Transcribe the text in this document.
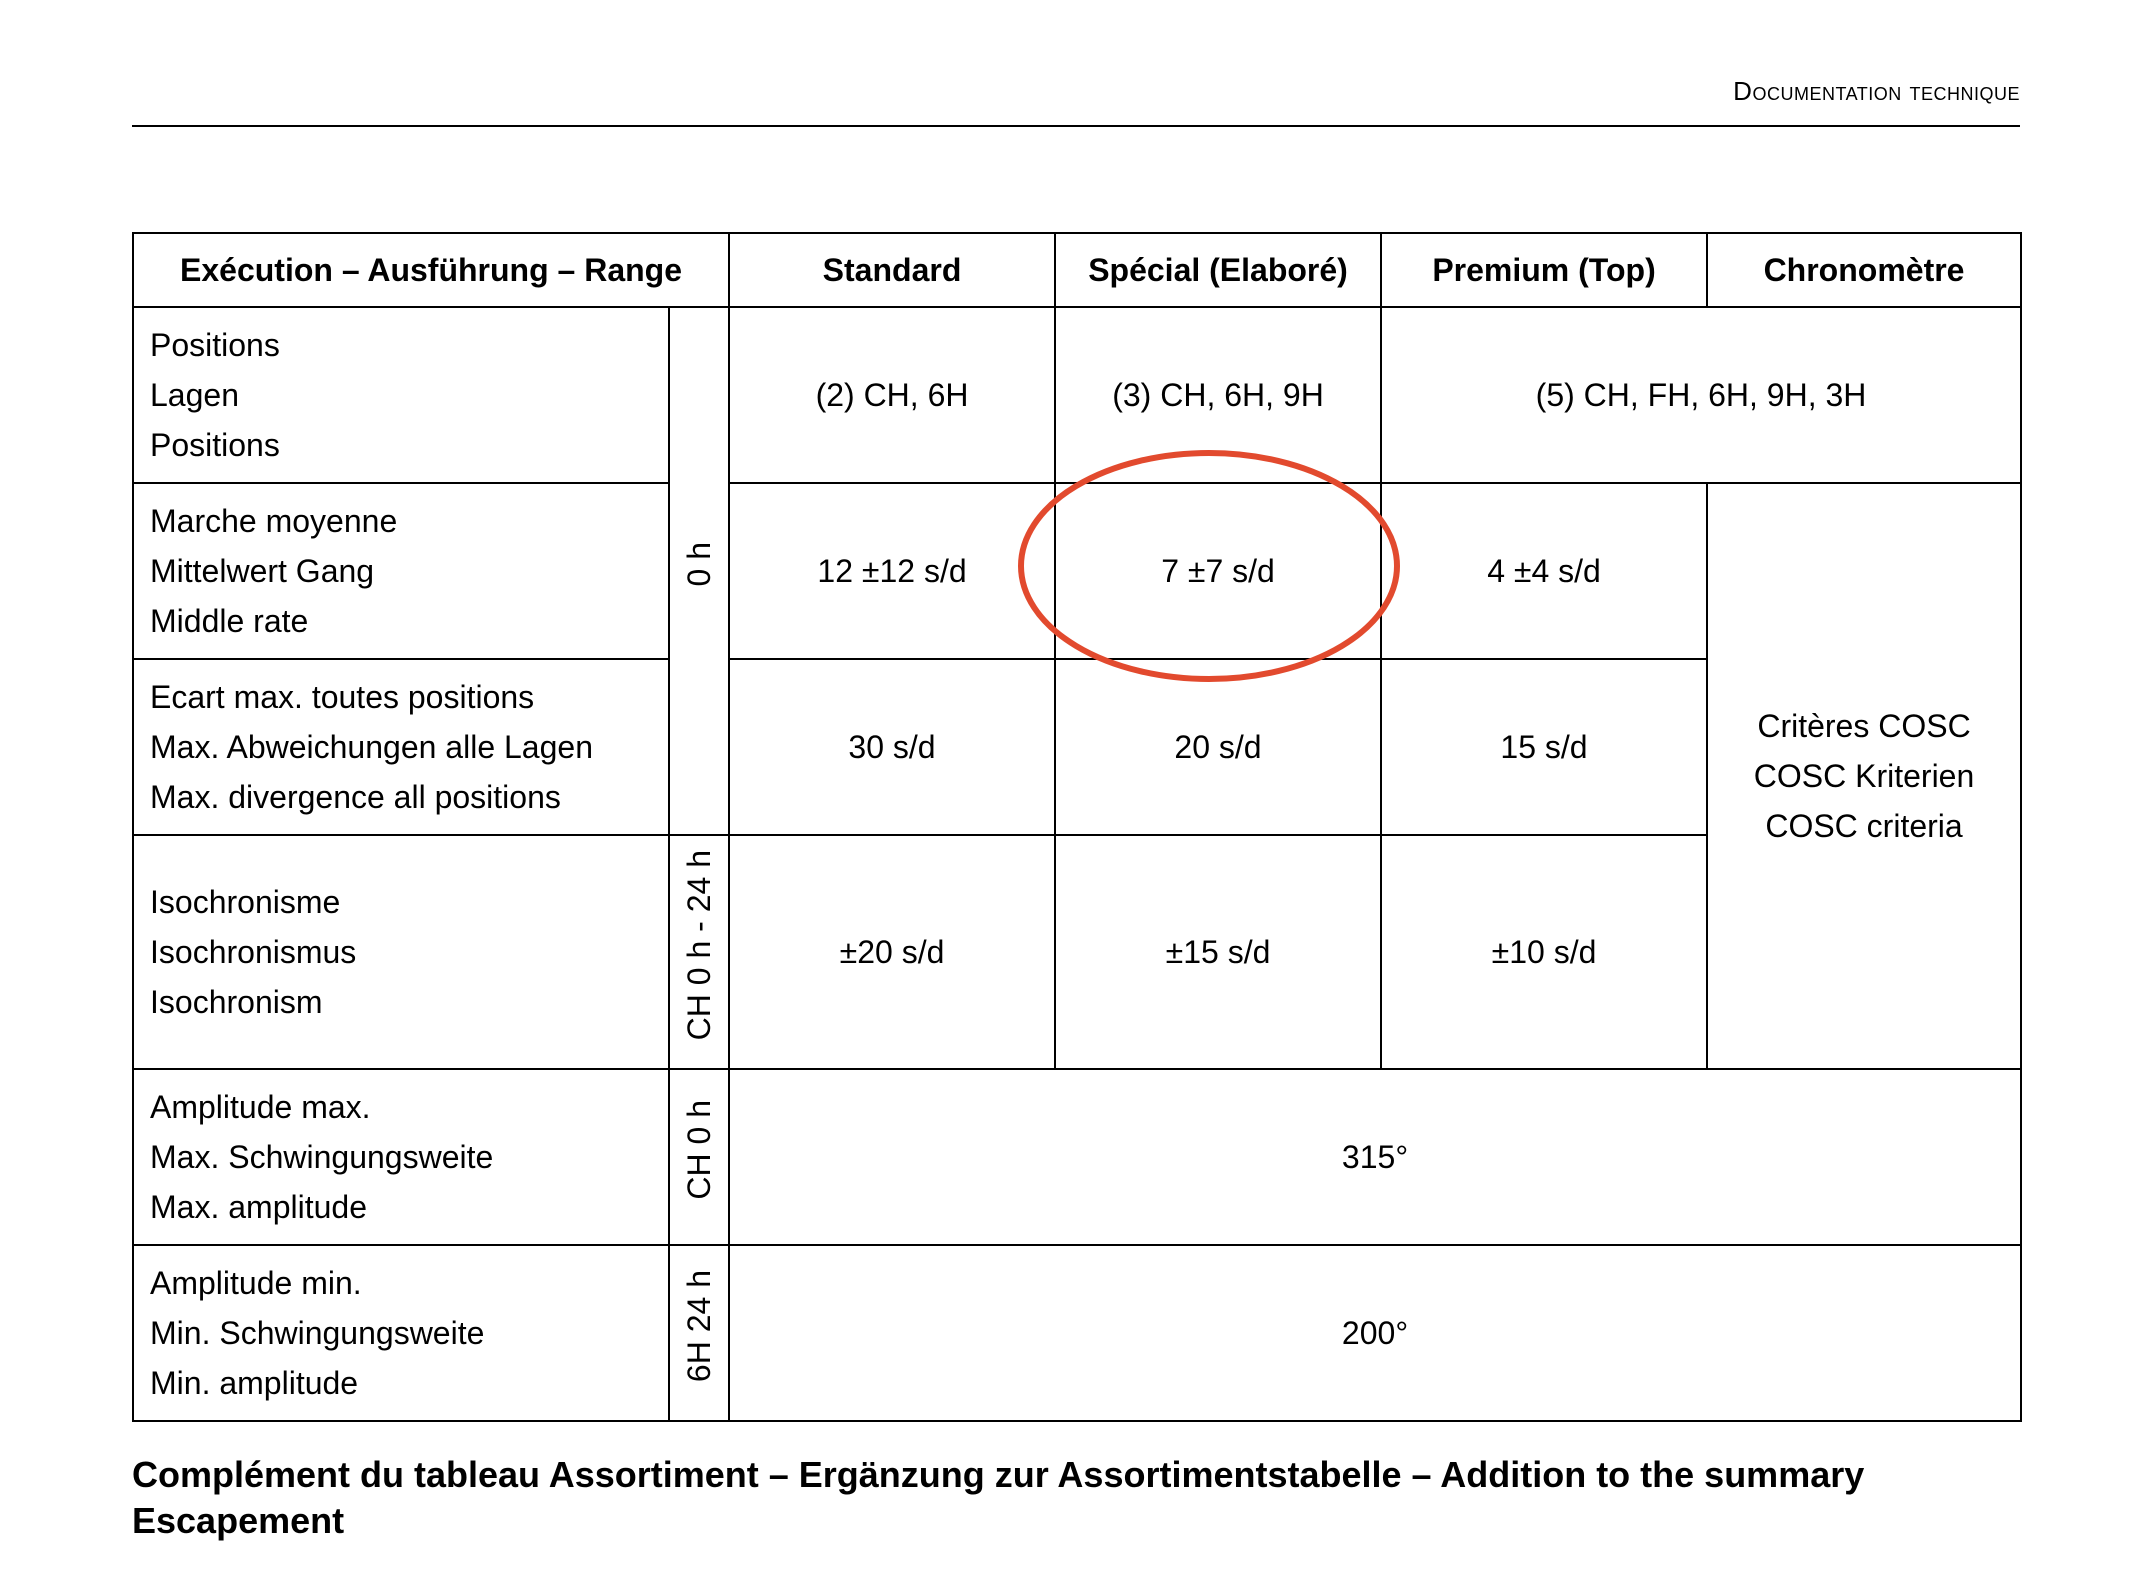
Documentation technique
Exécution – Ausführung – Range		Standard	Spécial (Elaboré)	Premium (Top)	Chronomètre

Positions
Lagen
Positions	0 h	(2) CH, 6H	(3) CH, 6H, 9H	(5) CH, FH, 6H, 9H, 3H	

Marche moyenne
Mittelwert Gang
Middle rate		12 ±12 s/d	7 ±7 s/d	4 ±4 s/d	Critères COSC
COSC Kriterien
COSC criteria

Ecart max. toutes positions
Max. Abweichungen alle Lagen
Max. divergence all positions		30 s/d	20 s/d	15 s/d	

Isochronisme
Isochronismus
Isochronism	CH 0 h - 24 h	±20 s/d	±15 s/d	±10 s/d	

Amplitude max.
Max. Schwingungsweite
Max. amplitude	CH 0 h	315°			

Amplitude min.
Min. Schwingungsweite
Min. amplitude	6H 24 h	200°			
Complément du tableau Assortiment – Ergänzung zur Assortimentstabelle – Addition to the summary
Escapement
